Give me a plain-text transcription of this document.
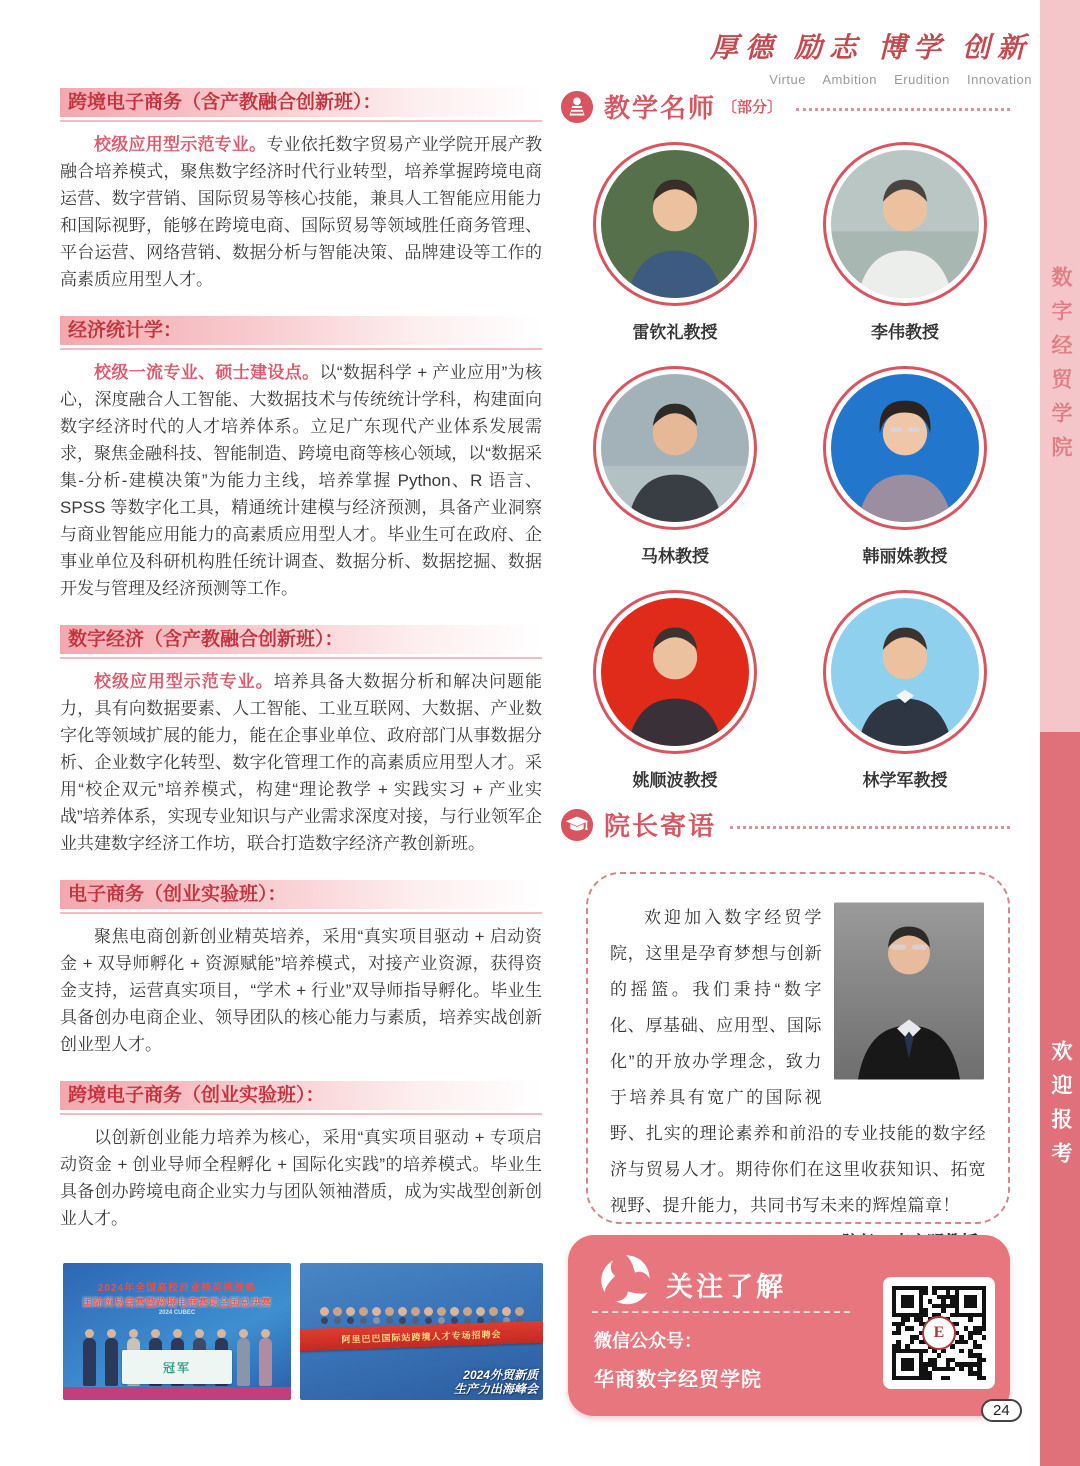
数字经贸学院
欢迎报考
厚德 励志 博学 创新
Virtue Ambition Erudition Innovation
跨境电子商务（含产教融合创新班）：

校级应用型示范专业。专业依托数字贸易产业学院开展产教融合培养模式，聚焦数字经济时代行业转型，培养掌握跨境电商运营、数字营销、国际贸易等核心技能，兼具人工智能应用能力和国际视野，能够在跨境电商、国际贸易等领域胜任商务管理、平台运营、网络营销、数据分析与智能决策、品牌建设等工作的高素质应用型人才。

经济统计学：

校级一流专业、硕士建设点。以“数据科学 + 产业应用”为核心，深度融合人工智能、大数据技术与传统统计学科，构建面向数字经济时代的人才培养体系。立足广东现代产业体系发展需求，聚焦金融科技、智能制造、跨境电商等核心领域，以“数据采集-分析-建模决策”为能力主线，培养掌握 Python、R 语言、SPSS 等数字化工具，精通统计建模与经济预测，具备产业洞察与商业智能应用能力的高素质应用型人才。毕业生可在政府、企事业单位及科研机构胜任统计调查、数据分析、数据挖掘、数据开发与管理及经济预测等工作。

数字经济（含产教融合创新班）：

校级应用型示范专业。培养具备大数据分析和解决问题能力，具有向数据要素、人工智能、工业互联网、大数据、产业数字化等领域扩展的能力，能在企事业单位、政府部门从事数据分析、企业数字化转型、数字化管理工作的高素质应用型人才。采用“校企双元”培养模式，构建“理论教学 + 实践实习 + 产业实战”培养体系，实现专业知识与产业需求深度对接，与行业领军企业共建数字经济工作坊，联合打造数字经济产教创新班。

电子商务（创业实验班）：

聚焦电商创新创业精英培养，采用“真实项目驱动 + 启动资金 + 双导师孵化 + 资源赋能”培养模式，对接产业资源，获得资金支持，运营真实项目，“学术 + 行业”双导师指导孵化。毕业生具备创办电商企业、领导团队的核心能力与素质，培养实战创新创业型人才。

跨境电子商务（创业实验班）：

以创新创业能力培养为核心，采用“真实项目驱动 + 专项启动资金 + 创业导师全程孵化 + 国际化实践”的培养模式。毕业生具备创办跨境电商企业实力与团队领袖潜质，成为实战型创新创业人才。

2024年全国高校商业精英挑战赛
国际贸易竞赛暨跨境电商赛项全国总决赛
2024 CUBEC
冠军
阿里巴巴国际站跨境人才专场招聘会
2024外贸新质
生产力出海峰会
教学名师 〔部分〕
雷钦礼教授	李伟教授
马林教授	韩丽姝教授
姚顺波教授	林学军教授
院长寄语

欢迎加入数字经贸学院，这里是孕育梦想与创新的摇篮。我们秉持“数字化、厚基础、应用型、国际化”的开放办学理念，致力于培养具有宽广的国际视野、扎实的理论素养和前沿的专业技能的数字经济与贸易人才。期待你们在这里收获知识、拓宽视野、提升能力，共同书写未来的辉煌篇章！

关注了解
微信公众号：
华商数字经贸学院
E
24
